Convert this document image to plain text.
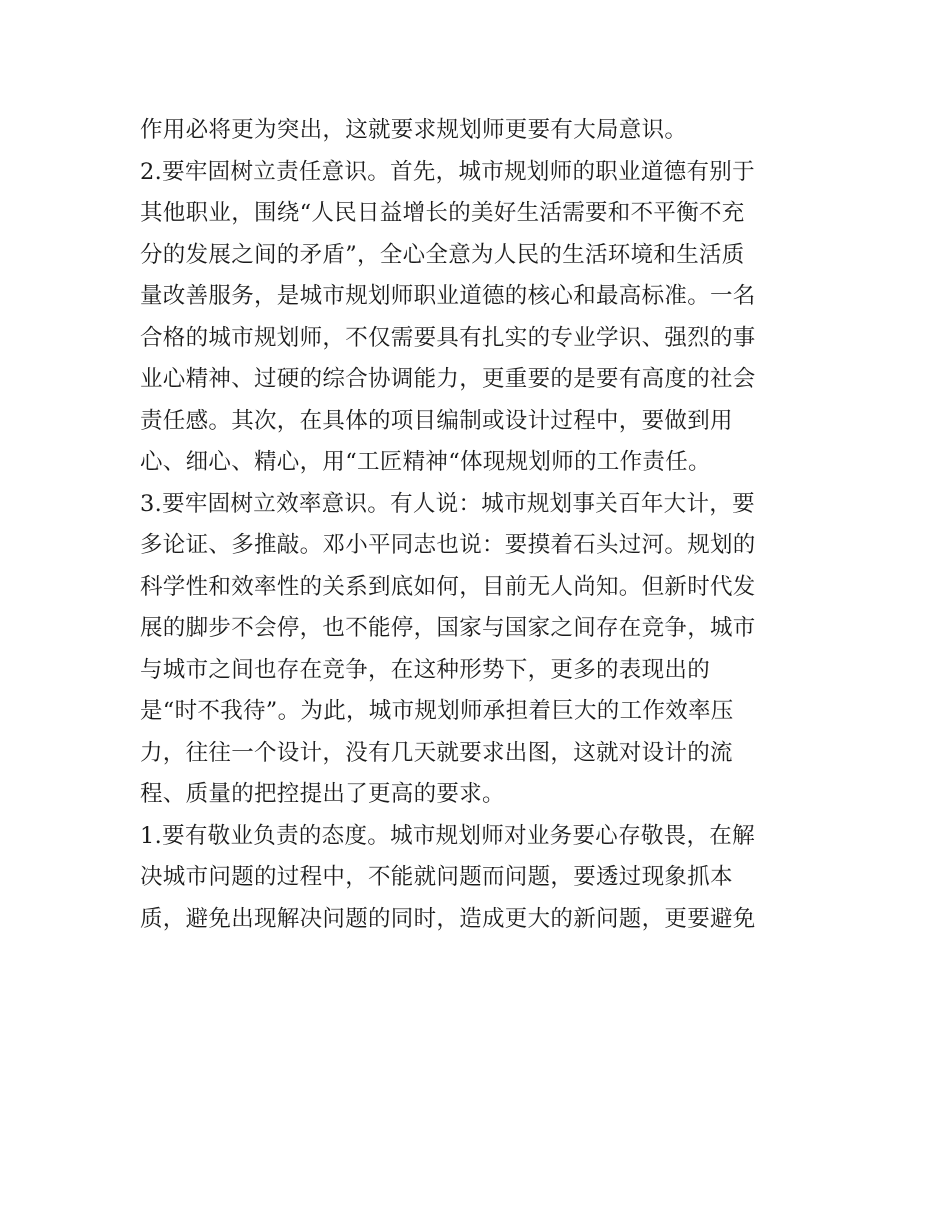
作用必将更为突出，这就要求规划师更要有大局意识。
2.要牢固树立责任意识。首先，城市规划师的职业道德有别于
其他职业，围绕“人民日益增长的美好生活需要和不平衡不充
分的发展之间的矛盾”，全心全意为人民的生活环境和生活质
量改善服务，是城市规划师职业道德的核心和最高标准。一名
合格的城市规划师，不仅需要具有扎实的专业学识、强烈的事
业心精神、过硬的综合协调能力，更重要的是要有高度的社会
责任感。其次，在具体的项目编制或设计过程中，要做到用
心、细心、精心，用“工匠精神“体现规划师的工作责任。
3.要牢固树立效率意识。有人说：城市规划事关百年大计，要
多论证、多推敲。邓小平同志也说：要摸着石头过河。规划的
科学性和效率性的关系到底如何，目前无人尚知。但新时代发
展的脚步不会停，也不能停，国家与国家之间存在竞争，城市
与城市之间也存在竞争，在这种形势下，更多的表现出的
是“时不我待”。为此，城市规划师承担着巨大的工作效率压
力，往往一个设计，没有几天就要求出图，这就对设计的流
程、质量的把控提出了更高的要求。
1.要有敬业负责的态度。城市规划师对业务要心存敬畏，在解
决城市问题的过程中，不能就问题而问题，要透过现象抓本
质，避免出现解决问题的同时，造成更大的新问题，更要避免
